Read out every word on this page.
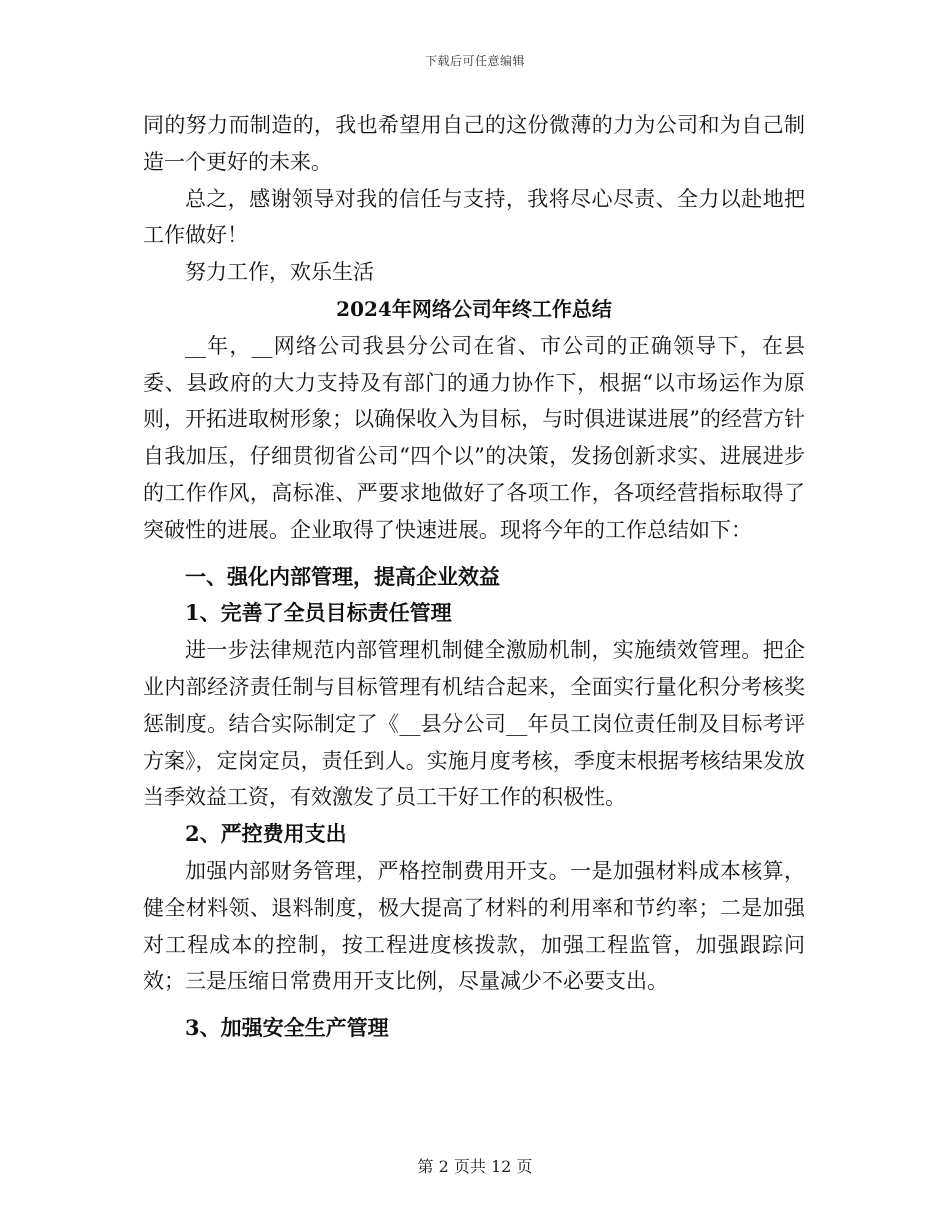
下载后可任意编辑

同的努力而制造的，我也希望用自己的这份微薄的力为公司和为自己制造一个更好的未来。

总之，感谢领导对我的信任与支持，我将尽心尽责、全力以赴地把工作做好！

努力工作，欢乐生活

2024年网络公司年终工作总结

__年，__网络公司我县分公司在省、市公司的正确领导下，在县委、县政府的大力支持及有部门的通力协作下，根据“以市场运作为原则，开拓进取树形象；以确保收入为目标，与时俱进谋进展”的经营方针自我加压，仔细贯彻省公司“四个以”的决策，发扬创新求实、进展进步的工作作风，高标准、严要求地做好了各项工作，各项经营指标取得了突破性的进展。企业取得了快速进展。现将今年的工作总结如下：

一、强化内部管理，提高企业效益

1、完善了全员目标责任管理

进一步法律规范内部管理机制健全激励机制，实施绩效管理。把企业内部经济责任制与目标管理有机结合起来，全面实行量化积分考核奖惩制度。结合实际制定了《__县分公司__年员工岗位责任制及目标考评方案》，定岗定员，责任到人。实施月度考核，季度末根据考核结果发放当季效益工资，有效激发了员工干好工作的积极性。

2、严控费用支出

加强内部财务管理，严格控制费用开支。一是加强材料成本核算，健全材料领、退料制度，极大提高了材料的利用率和节约率；二是加强对工程成本的控制，按工程进度核拨款，加强工程监管，加强跟踪问效；三是压缩日常费用开支比例，尽量减少不必要支出。

3、加强安全生产管理

第 2 页共 12 页
